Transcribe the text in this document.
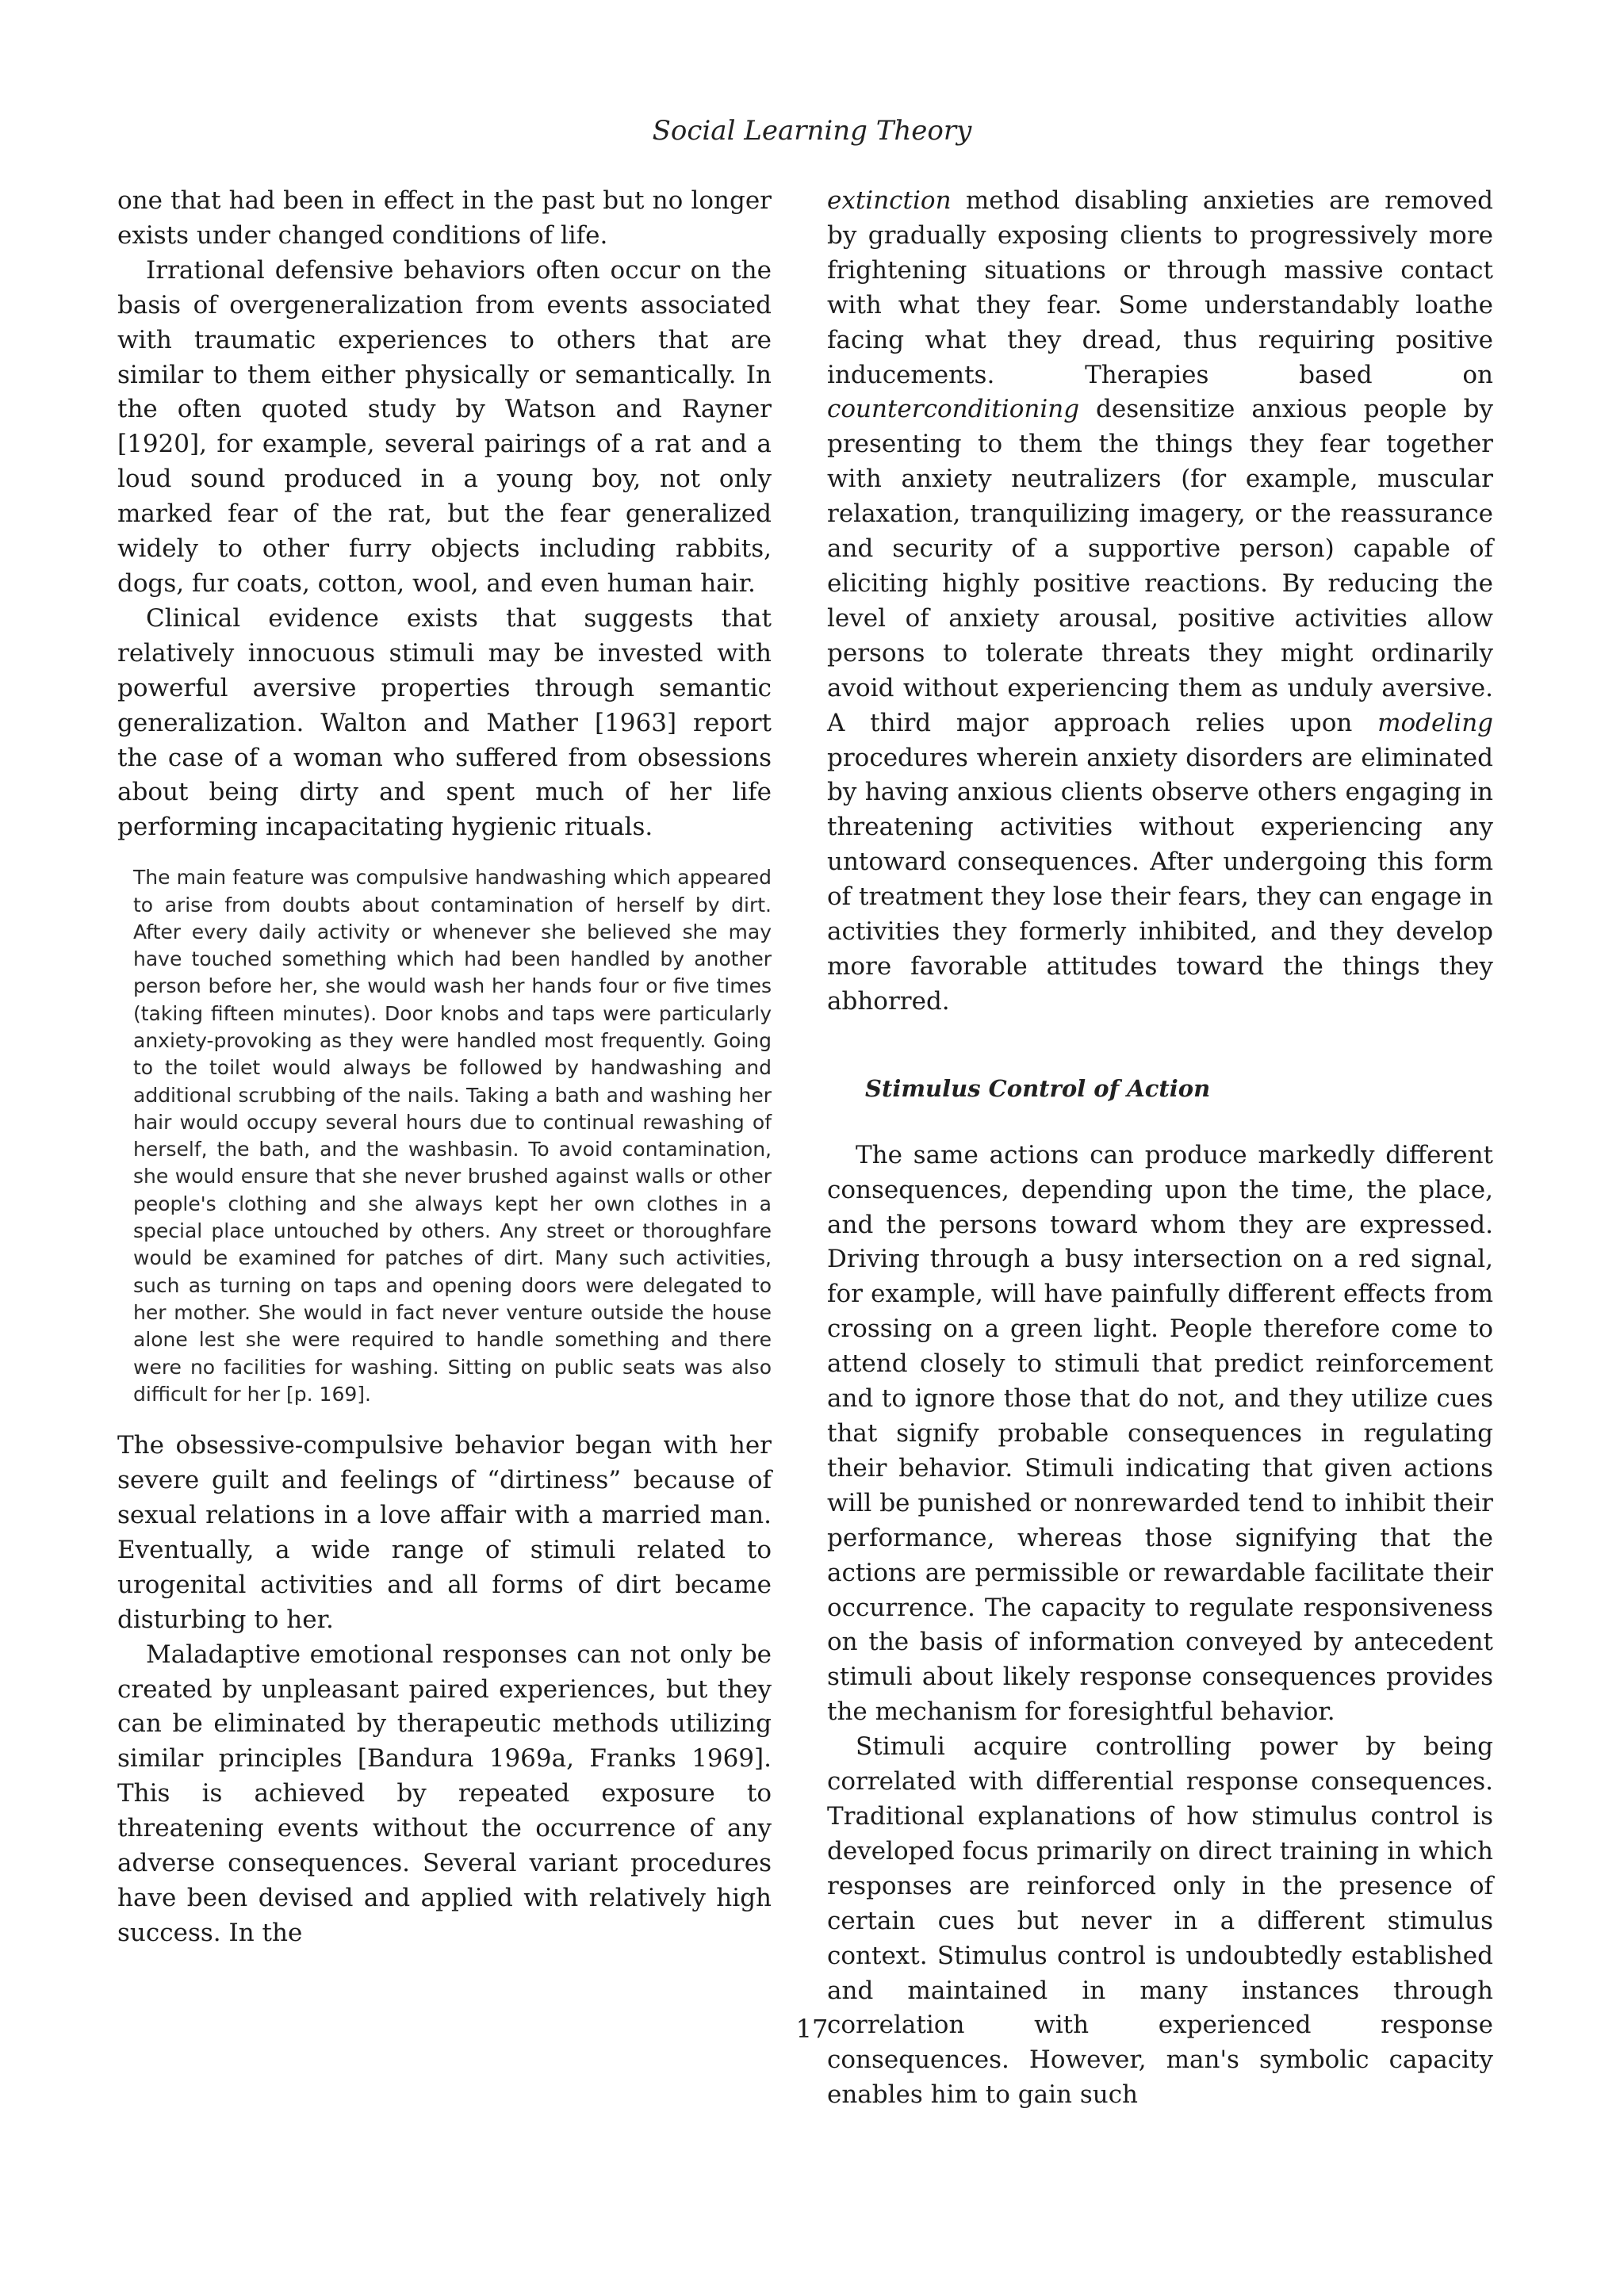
Social Learning Theory

one that had been in effect in the past but no longer exists under changed conditions of life.

Irrational defensive behaviors often occur on the basis of overgeneralization from events associated with traumatic experiences to others that are similar to them either physically or semantically. In the often quoted study by Watson and Rayner [1920], for example, several pairings of a rat and a loud sound produced in a young boy, not only marked fear of the rat, but the fear generalized widely to other furry objects including rabbits, dogs, fur coats, cotton, wool, and even human hair.

Clinical evidence exists that suggests that relatively innocuous stimuli may be invested with powerful aversive properties through semantic generalization. Walton and Mather [1963] report the case of a woman who suffered from obsessions about being dirty and spent much of her life performing incapacitating hygienic rituals.

The main feature was compulsive handwashing which appeared to arise from doubts about contamination of herself by dirt. After every daily activity or whenever she believed she may have touched something which had been handled by another person before her, she would wash her hands four or five times (taking fifteen minutes). Door knobs and taps were particularly anxiety-provoking as they were handled most frequently. Going to the toilet would always be followed by handwashing and additional scrubbing of the nails. Taking a bath and washing her hair would occupy several hours due to continual rewashing of herself, the bath, and the washbasin. To avoid contamination, she would ensure that she never brushed against walls or other people's clothing and she always kept her own clothes in a special place untouched by others. Any street or thoroughfare would be examined for patches of dirt. Many such activities, such as turning on taps and opening doors were delegated to her mother. She would in fact never venture outside the house alone lest she were required to handle something and there were no facilities for washing. Sitting on public seats was also difficult for her [p. 169].

The obsessive-compulsive behavior began with her severe guilt and feelings of “dirtiness” because of sexual relations in a love affair with a married man. Eventually, a wide range of stimuli related to urogenital activities and all forms of dirt became disturbing to her.

Maladaptive emotional responses can not only be created by unpleasant paired experiences, but they can be eliminated by therapeutic methods utilizing similar principles [Bandura 1969a, Franks 1969]. This is achieved by repeated exposure to threatening events without the occurrence of any adverse consequences. Several variant procedures have been devised and applied with relatively high success. In the

extinction method disabling anxieties are removed by gradually exposing clients to progressively more frightening situations or through massive contact with what they fear. Some understandably loathe facing what they dread, thus requiring positive inducements. Therapies based on counterconditioning desensitize anxious people by presenting to them the things they fear together with anxiety neutralizers (for example, muscular relaxation, tranquilizing imagery, or the reassurance and security of a supportive person) capable of eliciting highly positive reactions. By reducing the level of anxiety arousal, positive activities allow persons to tolerate threats they might ordinarily avoid without experiencing them as unduly aversive. A third major approach relies upon modeling procedures wherein anxiety disorders are eliminated by having anxious clients observe others engaging in threatening activities without experiencing any untoward consequences. After undergoing this form of treatment they lose their fears, they can engage in activities they formerly inhibited, and they develop more favorable attitudes toward the things they abhorred.

Stimulus Control of Action

The same actions can produce markedly different consequences, depending upon the time, the place, and the persons toward whom they are expressed. Driving through a busy intersection on a red signal, for example, will have painfully different effects from crossing on a green light. People therefore come to attend closely to stimuli that predict reinforcement and to ignore those that do not, and they utilize cues that signify probable consequences in regulating their behavior. Stimuli indicating that given actions will be punished or nonrewarded tend to inhibit their performance, whereas those signifying that the actions are permissible or rewardable facilitate their occurrence. The capacity to regulate responsiveness on the basis of information conveyed by antecedent stimuli about likely response consequences provides the mechanism for foresightful behavior.

Stimuli acquire controlling power by being correlated with differential response consequences. Traditional explanations of how stimulus control is developed focus primarily on direct training in which responses are reinforced only in the presence of certain cues but never in a different stimulus context. Stimulus control is undoubtedly established and maintained in many instances through correlation with experienced response consequences. However, man's symbolic capacity enables him to gain such

17
